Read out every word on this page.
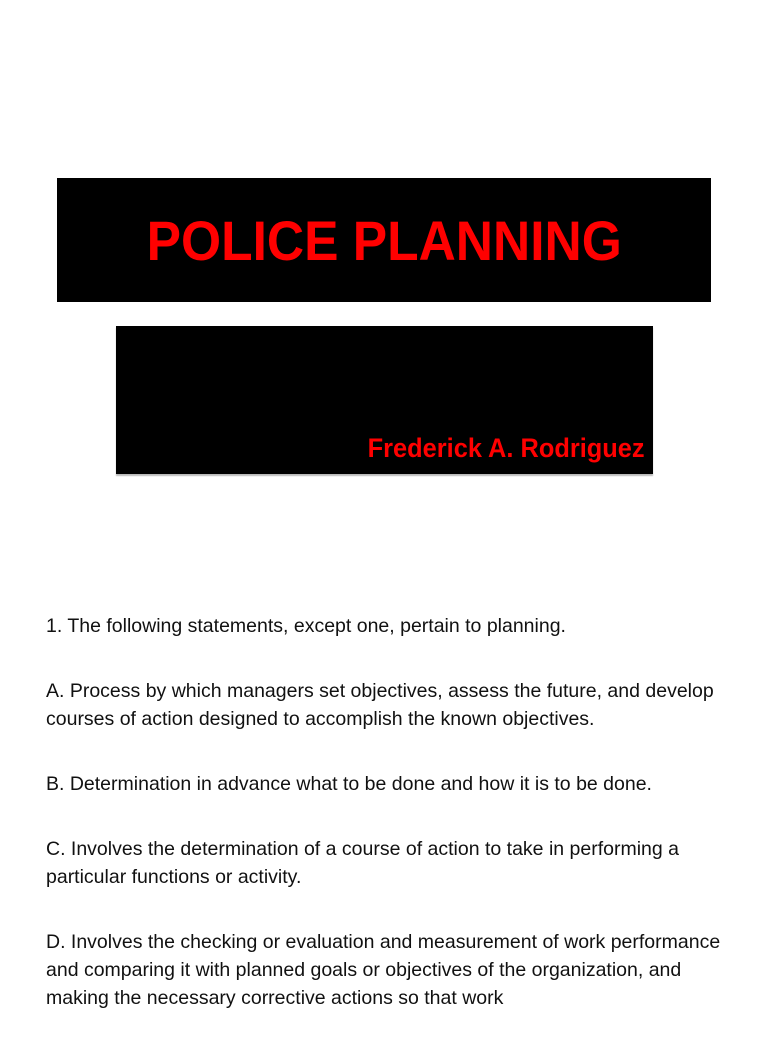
POLICE PLANNING
Frederick A. Rodriguez

1. The following statements, except one, pertain to planning.

A. Process by which managers set objectives, assess the future, and develop courses of action designed to accomplish the known objectives.

B. Determination in advance what to be done and how it is to be done.

C. Involves the determination of a course of action to take in performing a particular functions or activity.

D. Involves the checking or evaluation and measurement of work performance and comparing it with planned goals or objectives of the organization, and making the necessary corrective actions so that work
